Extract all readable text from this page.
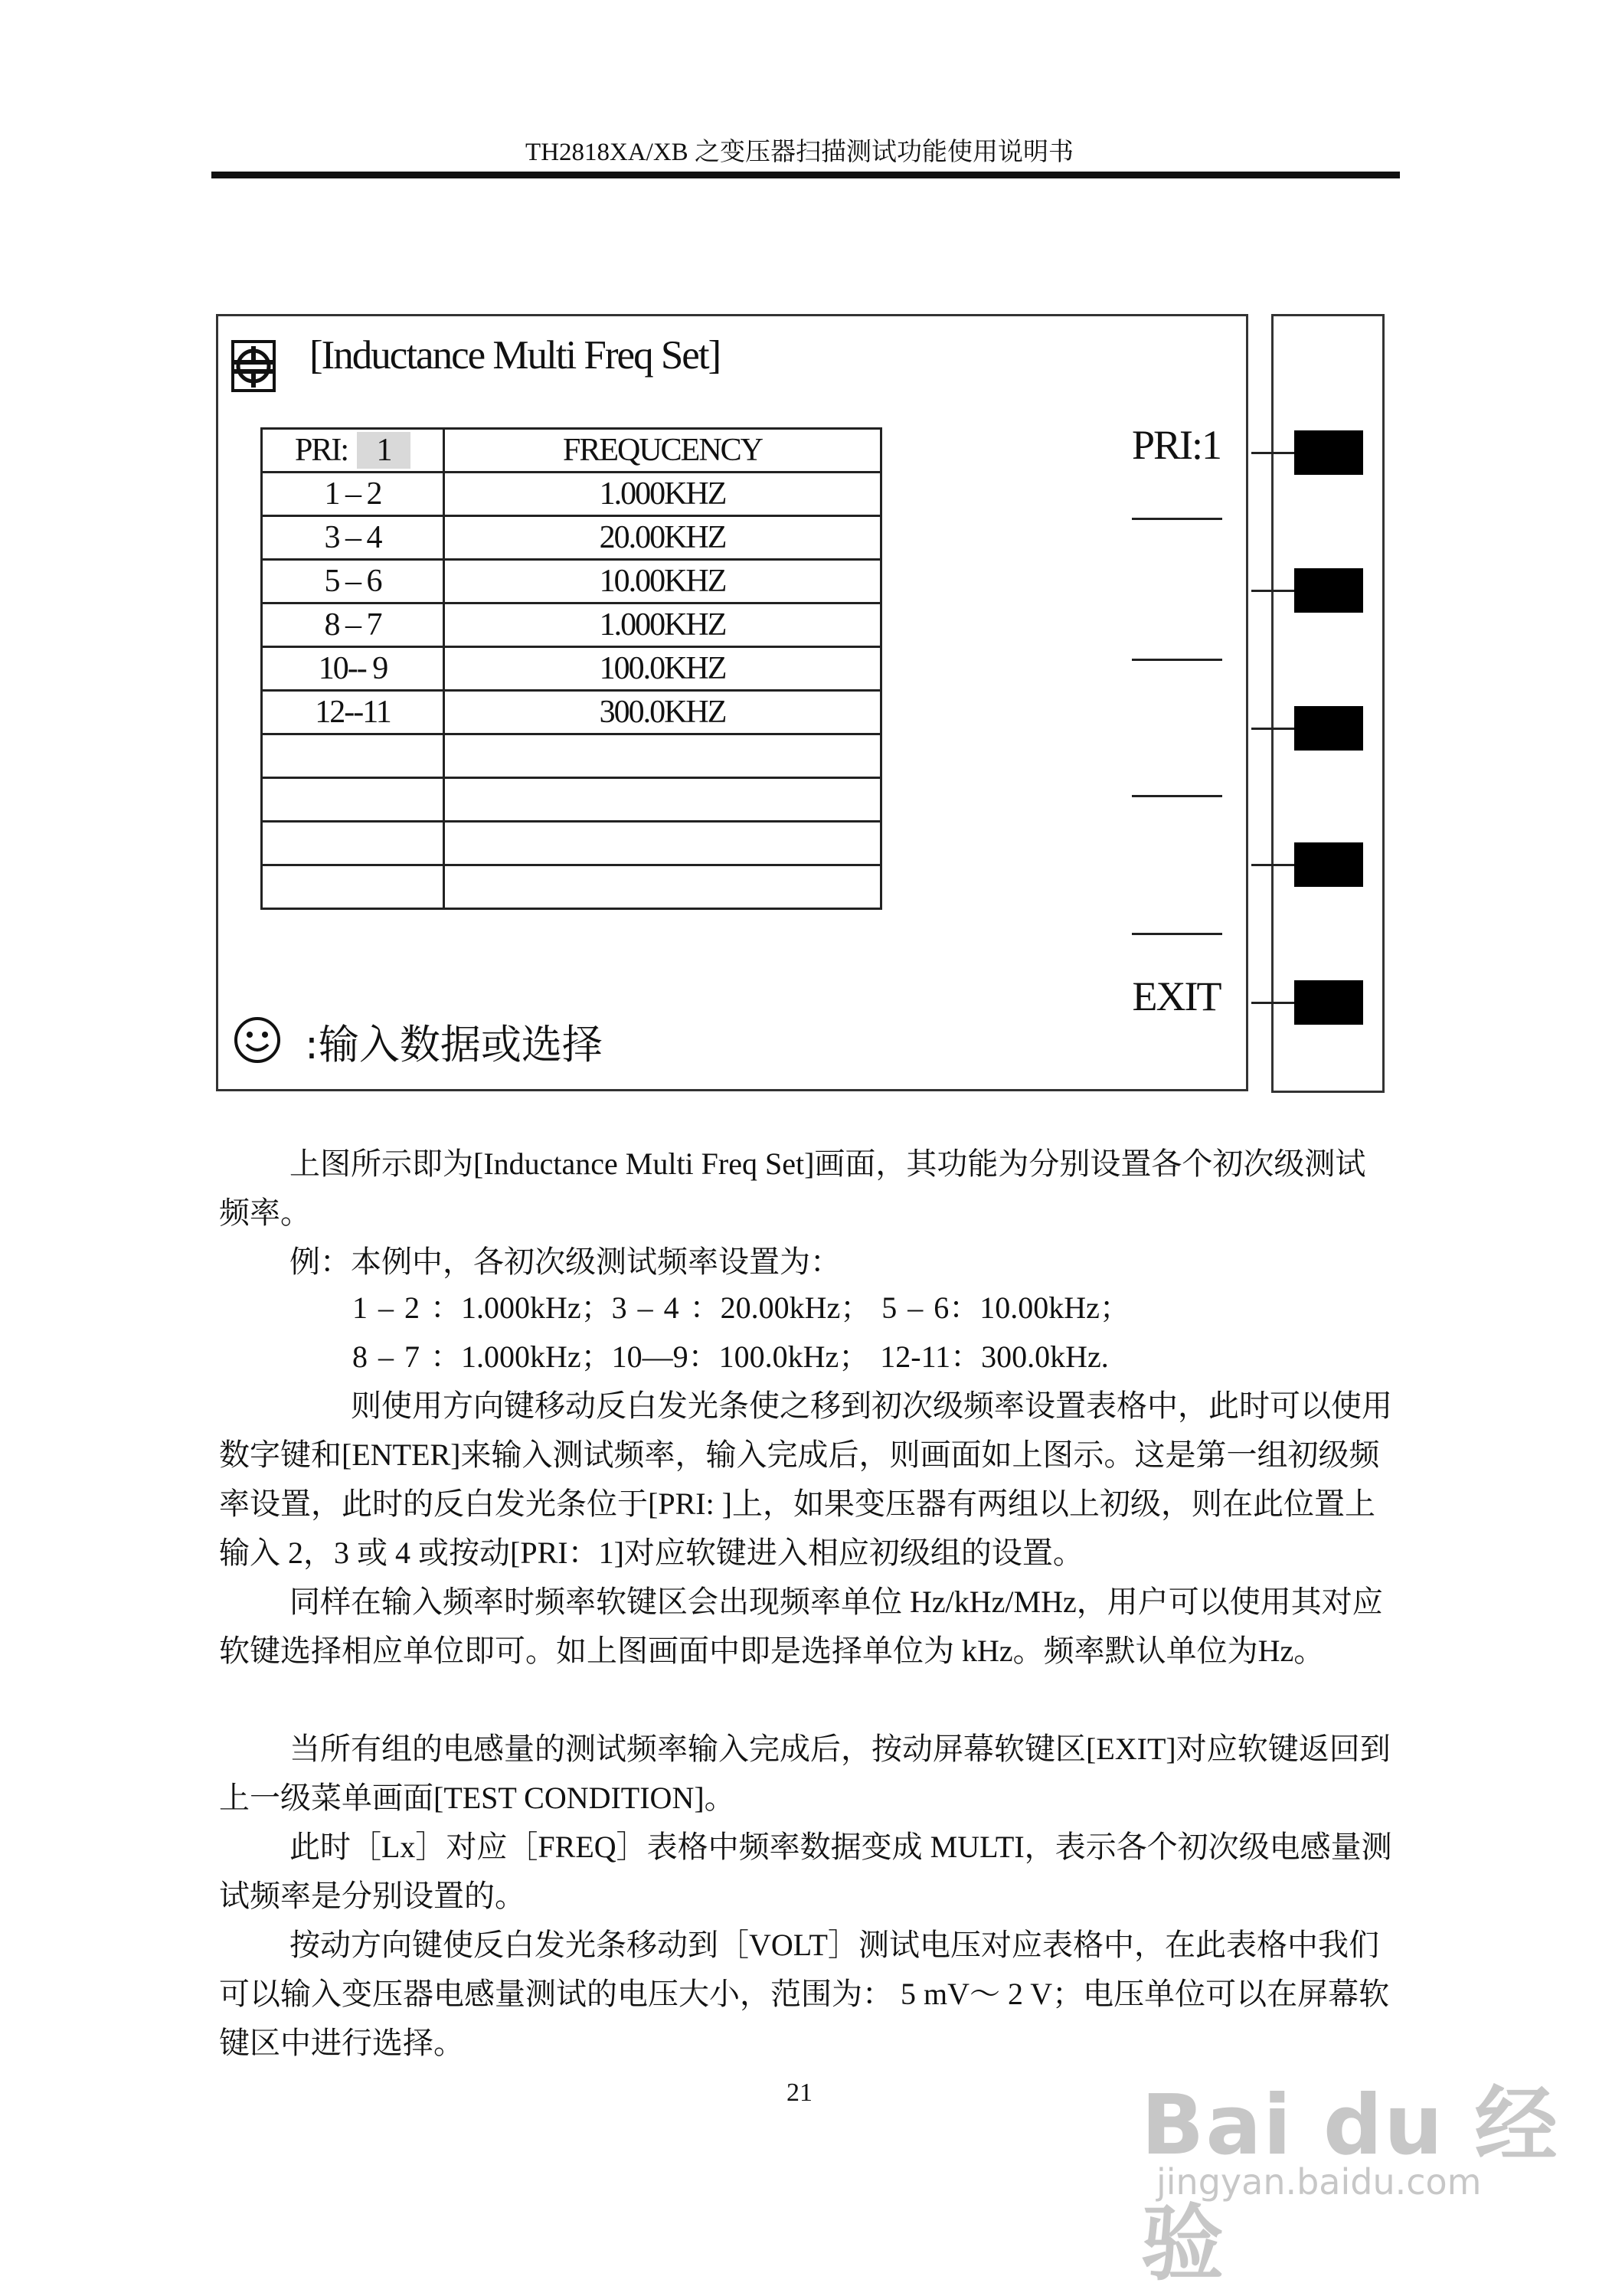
TH2818XA/XB 之变压器扫描测试功能使用说明书
[Inductance Multi Freq Set]
PRI: 1	FREQUCENCY
1 – 2	1.000KHZ
3 – 4	20.00KHZ
5 – 6	10.00KHZ
8 – 7	1.000KHZ
10-- 9	100.0KHZ
12--11	300.0KHZ

:输入数据或选择
PRI:1
EXIT
上图所示即为[Inductance Multi Freq Set]画面，其功能为分别设置各个初次级测试频率。
例：本例中，各初次级测试频率设置为：
1 – 2 ：1.000kHz；3 – 4 ：20.00kHz； 5 – 6：10.00kHz；
8 – 7 ：1.000kHz；10—9：100.0kHz； 12-11：300.0kHz.
则使用方向键移动反白发光条使之移到初次级频率设置表格中，此时可以使用数字键和[ENTER]来输入测试频率，输入完成后，则画面如上图示。这是第一组初级频率设置，此时的反白发光条位于[PRI: ]上，如果变压器有两组以上初级，则在此位置上输入 2，3 或 4 或按动[PRI：1]对应软键进入相应初级组的设置。
同样在输入频率时频率软键区会出现频率单位 Hz/kHz/MHz，用户可以使用其对应软键选择相应单位即可。如上图画面中即是选择单位为 kHz。频率默认单位为Hz。
当所有组的电感量的测试频率输入完成后，按动屏幕软键区[EXIT]对应软键返回到上一级菜单画面[TEST CONDITION]。
此时［Lx］对应［FREQ］表格中频率数据变成 MULTI，表示各个初次级电感量测试频率是分别设置的。
按动方向键使反白发光条移动到［VOLT］测试电压对应表格中，在此表格中我们可以输入变压器电感量测试的电压大小，范围为： 5 mV～ 2 V；电压单位可以在屏幕软键区中进行选择。
21	Bai du 经验
jingyan.baidu.com
